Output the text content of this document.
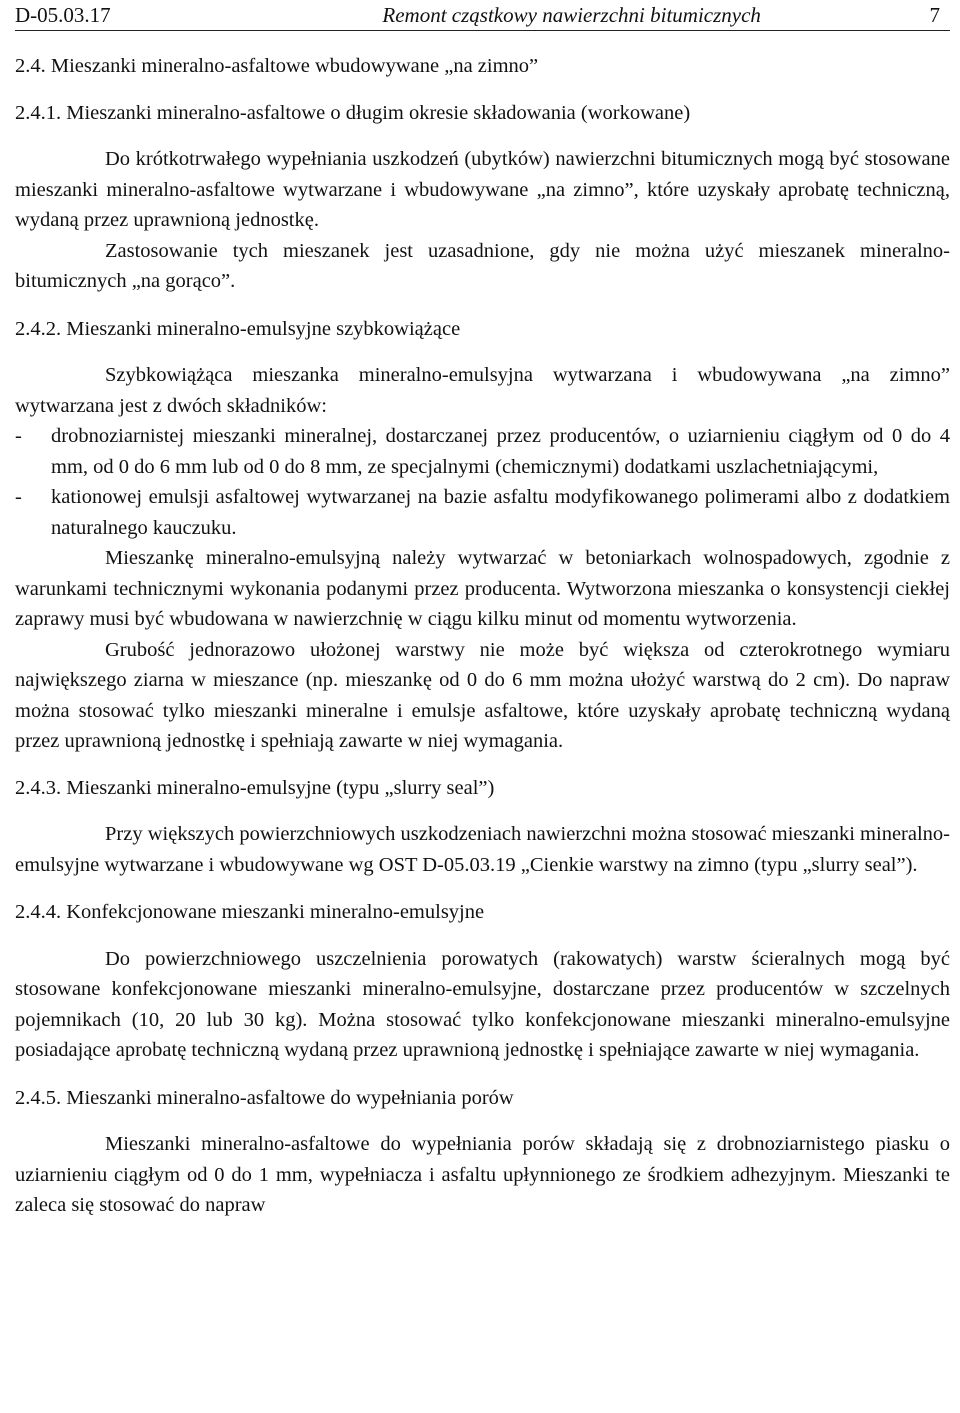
D-05.03.17	Remont cząstkowy nawierzchni bitumicznych	7

2.4. Mieszanki mineralno-asfaltowe wbudowywane „na zimno”

2.4.1. Mieszanki mineralno-asfaltowe o długim okresie składowania (workowane)

Do krótkotrwałego wypełniania uszkodzeń (ubytków) nawierzchni bitumicznych mogą być stosowane mieszanki mineralno-asfaltowe wytwarzane i wbudowywane „na zimno”, które uzyskały aprobatę techniczną, wydaną przez uprawnioną jednostkę.

Zastosowanie tych mieszanek jest uzasadnione, gdy nie można użyć mieszanek mineralno-bitumicznych „na gorąco”.

2.4.2. Mieszanki mineralno-emulsyjne szybkowiążące

Szybkowiążąca mieszanka mineralno-emulsyjna wytwarzana i wbudowywana „na zimno” wytwarzana jest z dwóch składników:

- drobnoziarnistej mieszanki mineralnej, dostarczanej przez producentów, o uziarnieniu ciągłym od 0 do 4 mm, od 0 do 6 mm lub od 0 do 8 mm, ze specjalnymi (chemicznymi) dodatkami uszlachetniającymi,
- kationowej emulsji asfaltowej wytwarzanej na bazie asfaltu modyfikowanego polimerami albo z dodatkiem naturalnego kauczuku.

Mieszankę mineralno-emulsyjną należy wytwarzać w betoniarkach wolnospadowych, zgodnie z warunkami technicznymi wykonania podanymi przez producenta. Wytworzona mieszanka o konsystencji ciekłej zaprawy musi być wbudowana w nawierzchnię w ciągu kilku minut od momentu wytworzenia.

Grubość jednorazowo ułożonej warstwy nie może być większa od czterokrotnego wymiaru największego ziarna w mieszance (np. mieszankę od 0 do 6 mm można ułożyć warstwą do 2 cm). Do napraw można stosować tylko mieszanki mineralne i emulsje asfaltowe, które uzyskały aprobatę techniczną wydaną przez uprawnioną jednostkę i spełniają zawarte w niej wymagania.

2.4.3. Mieszanki mineralno-emulsyjne (typu „slurry seal”)

Przy większych powierzchniowych uszkodzeniach nawierzchni można stosować mieszanki mineralno-emulsyjne wytwarzane i wbudowywane wg OST D-05.03.19 „Cienkie warstwy na zimno (typu „slurry seal”).

2.4.4. Konfekcjonowane mieszanki mineralno-emulsyjne

Do powierzchniowego uszczelnienia porowatych (rakowatych) warstw ścieralnych mogą być stosowane konfekcjonowane mieszanki mineralno-emulsyjne, dostarczane przez producentów w szczelnych pojemnikach (10, 20 lub 30 kg). Można stosować tylko konfekcjonowane mieszanki mineralno-emulsyjne posiadające aprobatę techniczną wydaną przez uprawnioną jednostkę i spełniające zawarte w niej wymagania.

2.4.5. Mieszanki mineralno-asfaltowe do wypełniania porów

Mieszanki mineralno-asfaltowe do wypełniania porów składają się z drobnoziarnistego piasku o uziarnieniu ciągłym od 0 do 1 mm, wypełniacza i asfaltu upłynnionego ze środkiem adhezyjnym. Mieszanki te zaleca się stosować do napraw
